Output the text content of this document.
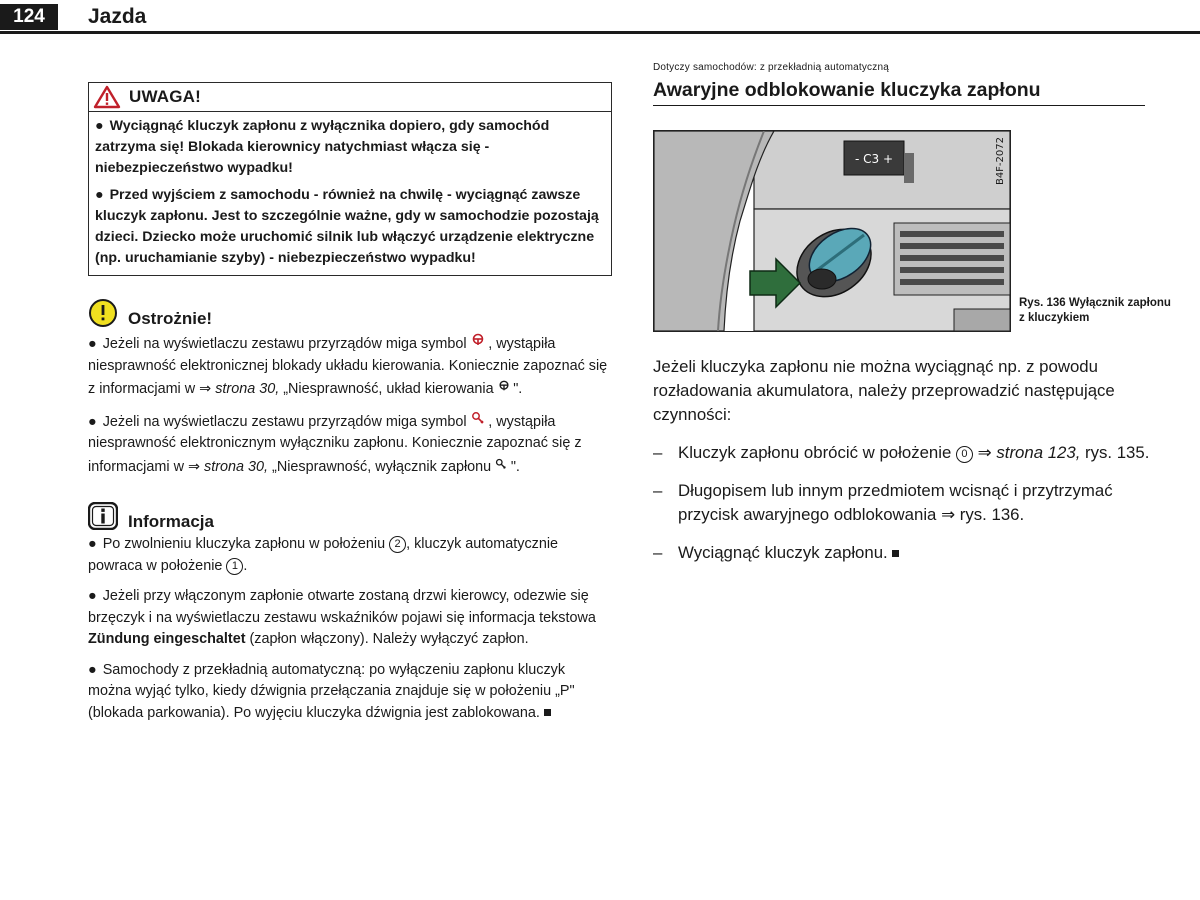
124	Jazda
UWAGA!

● Wyciągnąć kluczyk zapłonu z wyłącznika dopiero, gdy samochód zatrzyma się! Blokada kierownicy natychmiast włącza się - niebezpieczeństwo wypadku!

● Przed wyjściem z samochodu - również na chwilę - wyciągnąć zawsze kluczyk zapłonu. Jest to szczególnie ważne, gdy w samochodzie pozostają dzieci. Dziecko może uruchomić silnik lub włączyć urządzenie elektryczne (np. uruchamianie szyby) - niebezpieczeństwo wypadku!

Ostrożnie!

● Jeżeli na wyświetlaczu zestawu przyrządów miga symbol , wystąpiła niesprawność elektronicznej blokady układu kierowania. Koniecznie zapoznać się z informacjami w ⇒ strona 30, „Niesprawność, układ kierowania ".

● Jeżeli na wyświetlaczu zestawu przyrządów miga symbol , wystąpiła niesprawność elektronicznym wyłączniku zapłonu. Koniecznie zapoznać się z informacjami w ⇒ strona 30, „Niesprawność, wyłącznik zapłonu ".

Informacja

● Po zwolnieniu kluczyka zapłonu w położeniu 2 , kluczyk automatycznie powraca w położenie 1 .

● Jeżeli przy włączonym zapłonie otwarte zostaną drzwi kierowcy, odezwie się brzęczyk i na wyświetlaczu zestawu wskaźników pojawi się informacja tekstowa Zündung eingeschaltet (zapłon włączony). Należy wyłączyć zapłon.

● Samochody z przekładnią automatyczną: po wyłączeniu zapłonu kluczyk można wyjąć tylko, kiedy dźwignia przełączania znajduje się w położeniu „P" (blokada parkowania). Po wyjęciu kluczyka dźwignia jest zablokowana.

Dotyczy samochodów: z przekładnią automatyczną
Awaryjne odblokowanie kluczyka zapłonu
- C3 +	B4F-2072
Rys. 136 Wyłącznik zapłonu z kluczykiem

Jeżeli kluczyka zapłonu nie można wyciągnąć np. z powodu rozładowania akumulatora, należy przeprowadzić następujące czynności:

– Kluczyk zapłonu obrócić w położenie 0 ⇒ strona 123, rys. 135.
– Długopisem lub innym przedmiotem wcisnąć i przytrzymać przycisk awaryjnego odblokowania ⇒ rys. 136.
– Wyciągnąć kluczyk zapłonu.
